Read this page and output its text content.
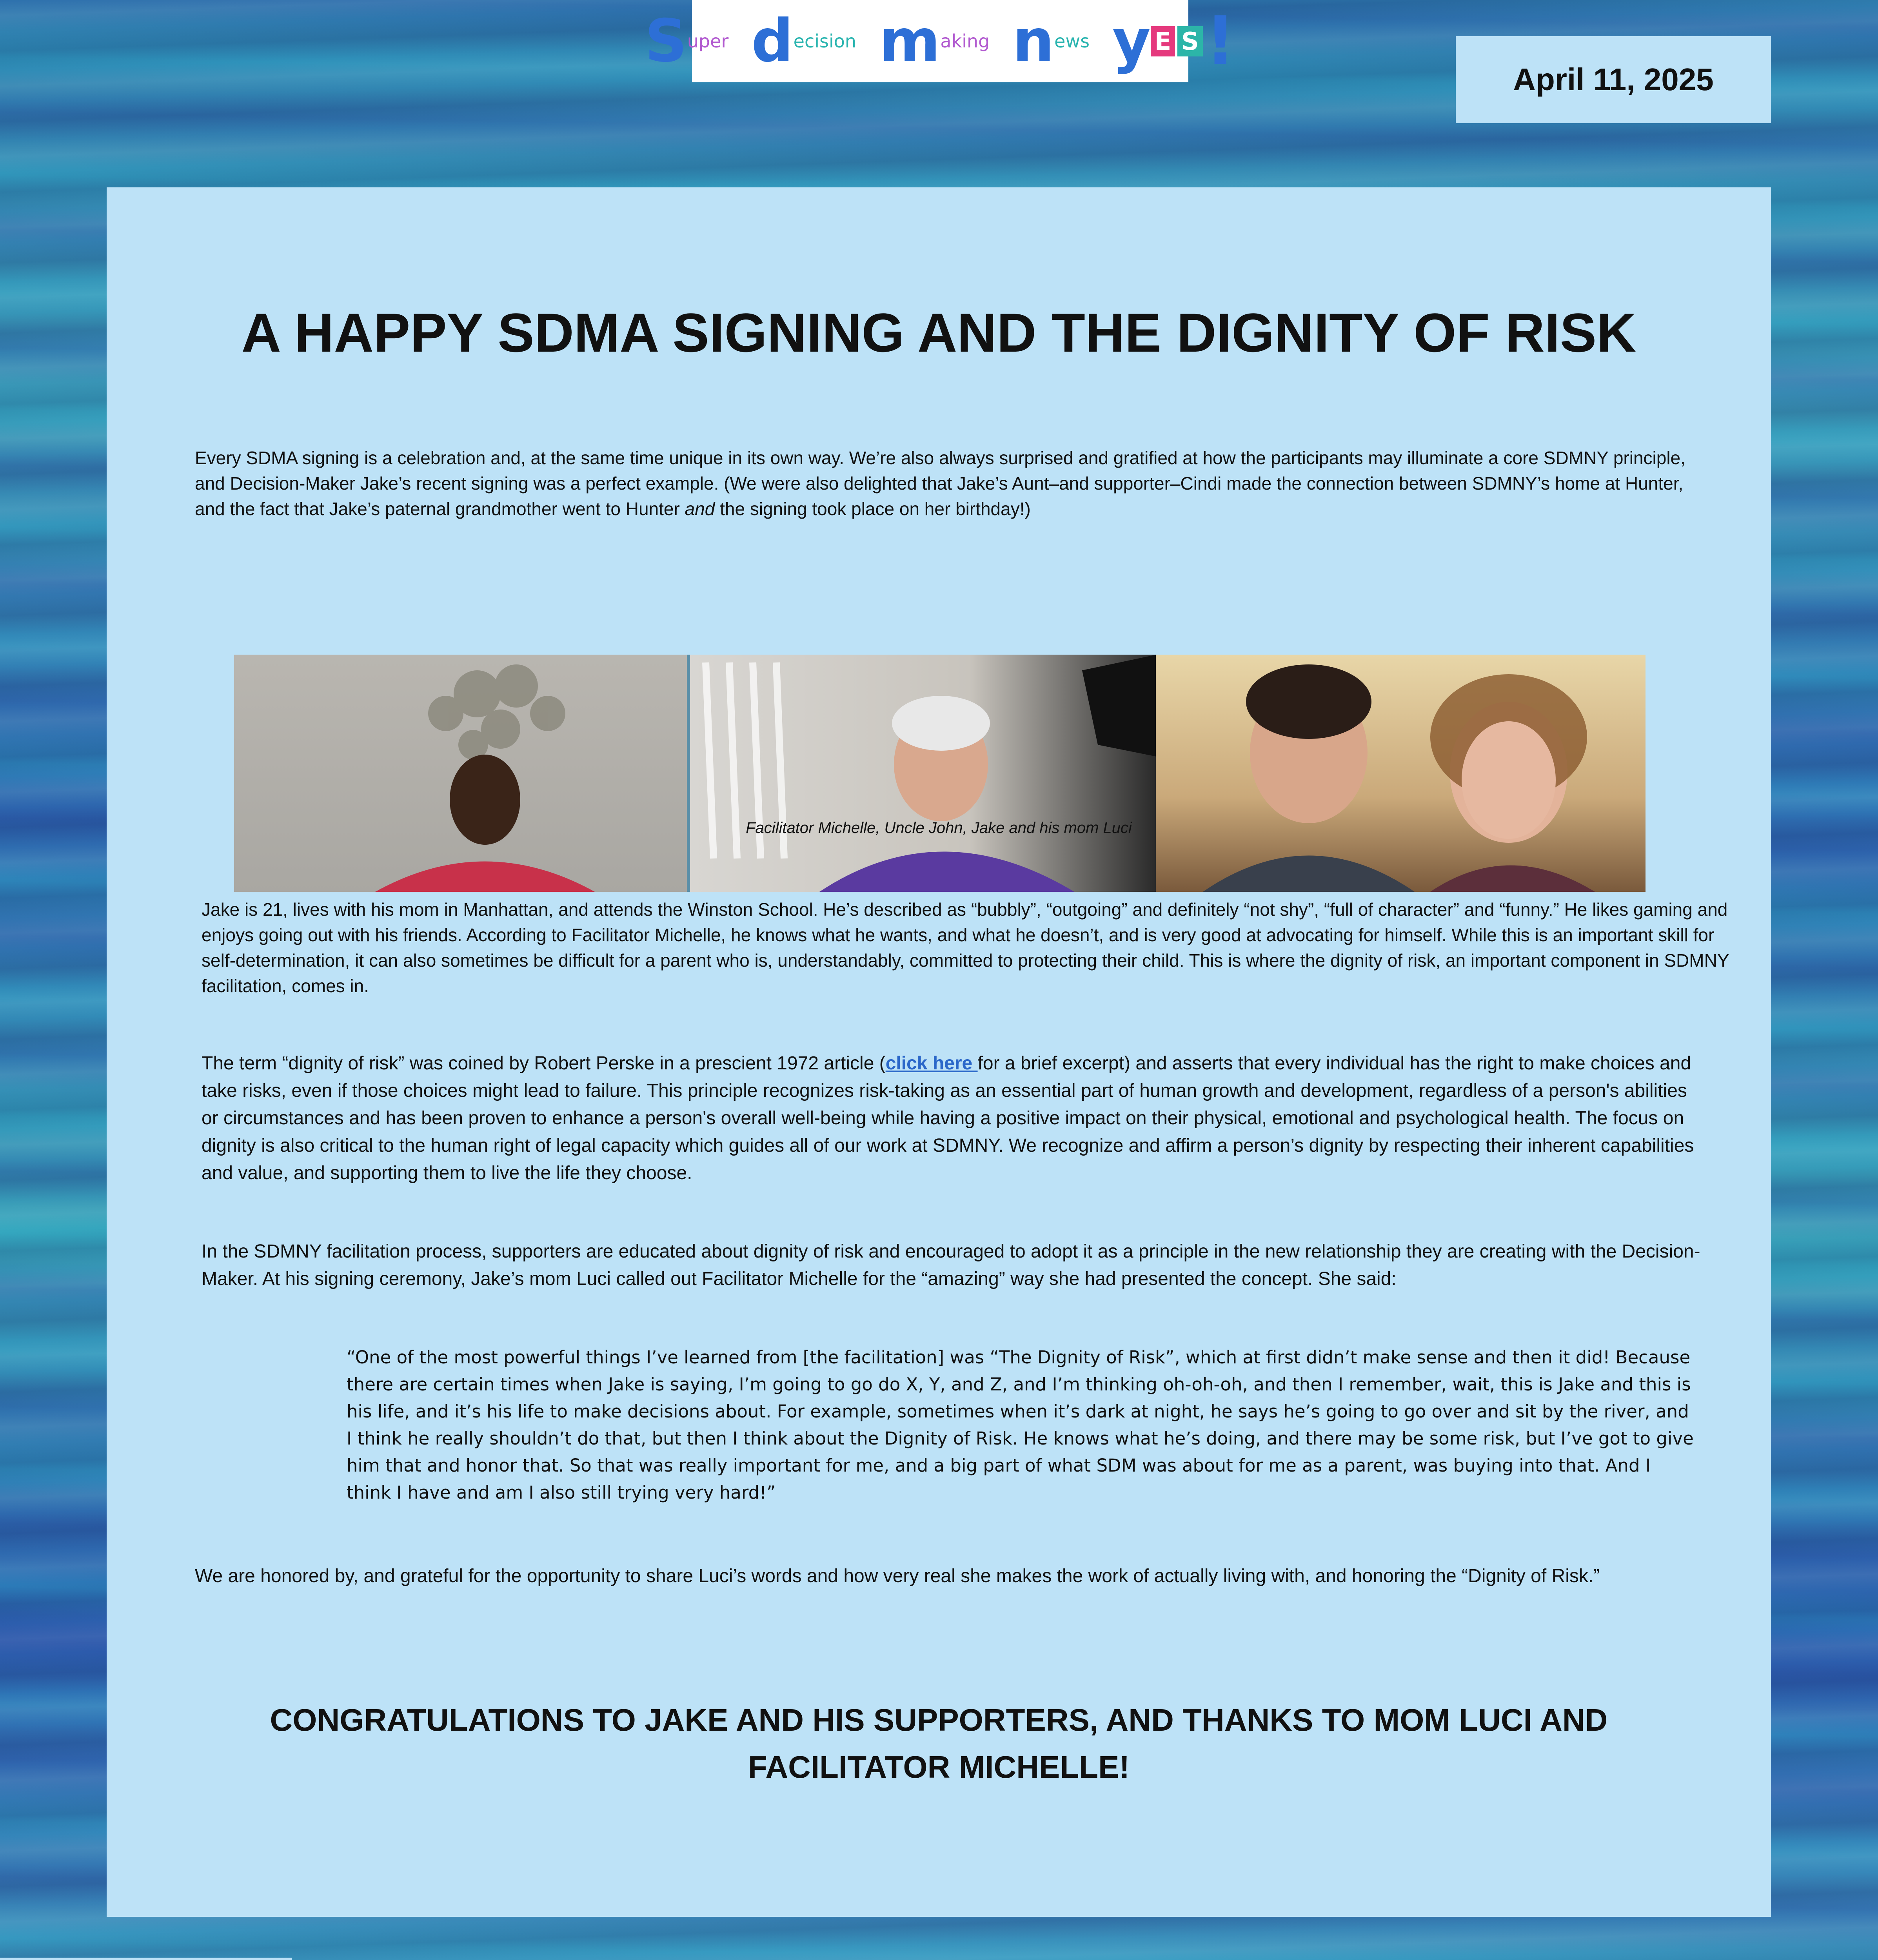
S uper d ecision m aking n ews y E S !	April 11, 2025
A HAPPY SDMA SIGNING AND THE DIGNITY OF RISK

Every SDMA signing is a celebration and, at the same time unique in its own way. We’re also always surprised and gratified at how the participants may illuminate a core SDMNY principle, and Decision-Maker Jake’s recent signing was a perfect example. (We were also delighted that Jake’s Aunt–and supporter–Cindi made the connection between SDMNY’s home at Hunter, and the fact that Jake’s paternal grandmother went to Hunter and the signing took place on her birthday!)

Facilitator Michelle, Uncle John, Jake and his mom Luci

Jake is 21, lives with his mom in Manhattan, and attends the Winston School. He’s described as “bubbly”, “outgoing” and definitely “not shy”, “full of character” and “funny.” He likes gaming and enjoys going out with his friends. According to Facilitator Michelle, he knows what he wants, and what he doesn’t, and is very good at advocating for himself. While this is an important skill for self-determination, it can also sometimes be difficult for a parent who is, understandably, committed to protecting their child. This is where the dignity of risk, an important component in SDMNY facilitation, comes in.

The term “dignity of risk” was coined by Robert Perske in a prescient 1972 article (click here for a brief excerpt) and asserts that every individual has the right to make choices and take risks, even if those choices might lead to failure. This principle recognizes risk-taking as an essential part of human growth and development, regardless of a person's abilities or circumstances and has been proven to enhance a person's overall well-being while having a positive impact on their physical, emotional and psychological health. The focus on dignity is also critical to the human right of legal capacity which guides all of our work at SDMNY. We recognize and affirm a person’s dignity by respecting their inherent capabilities and value, and supporting them to live the life they choose.

In the SDMNY facilitation process, supporters are educated about dignity of risk and encouraged to adopt it as a principle in the new relationship they are creating with the Decision-Maker. At his signing ceremony, Jake’s mom Luci called out Facilitator Michelle for the “amazing” way she had presented the concept. She said:

“One of the most powerful things I’ve learned from [the facilitation] was “The Dignity of Risk”, which at first didn’t make sense and then it did! Because there are certain times when Jake is saying, I’m going to go do X, Y, and Z, and I’m thinking oh-oh-oh, and then I remember, wait, this is Jake and this is his life, and it’s his life to make decisions about. For example, sometimes when it’s dark at night, he says he’s going to go over and sit by the river, and I think he really shouldn’t do that, but then I think about the Dignity of Risk. He knows what he’s doing, and there may be some risk, but I’ve got to give him that and honor that. So that was really important for me, and a big part of what SDM was about for me as a parent, was buying into that. And I think I have and am I also still trying very hard!”

We are honored by, and grateful for the opportunity to share Luci’s words and how very real she makes the work of actually living with, and honoring the “Dignity of Risk.”

CONGRATULATIONS TO JAKE AND HIS SUPPORTERS, AND THANKS TO MOM LUCI AND FACILITATOR MICHELLE!
